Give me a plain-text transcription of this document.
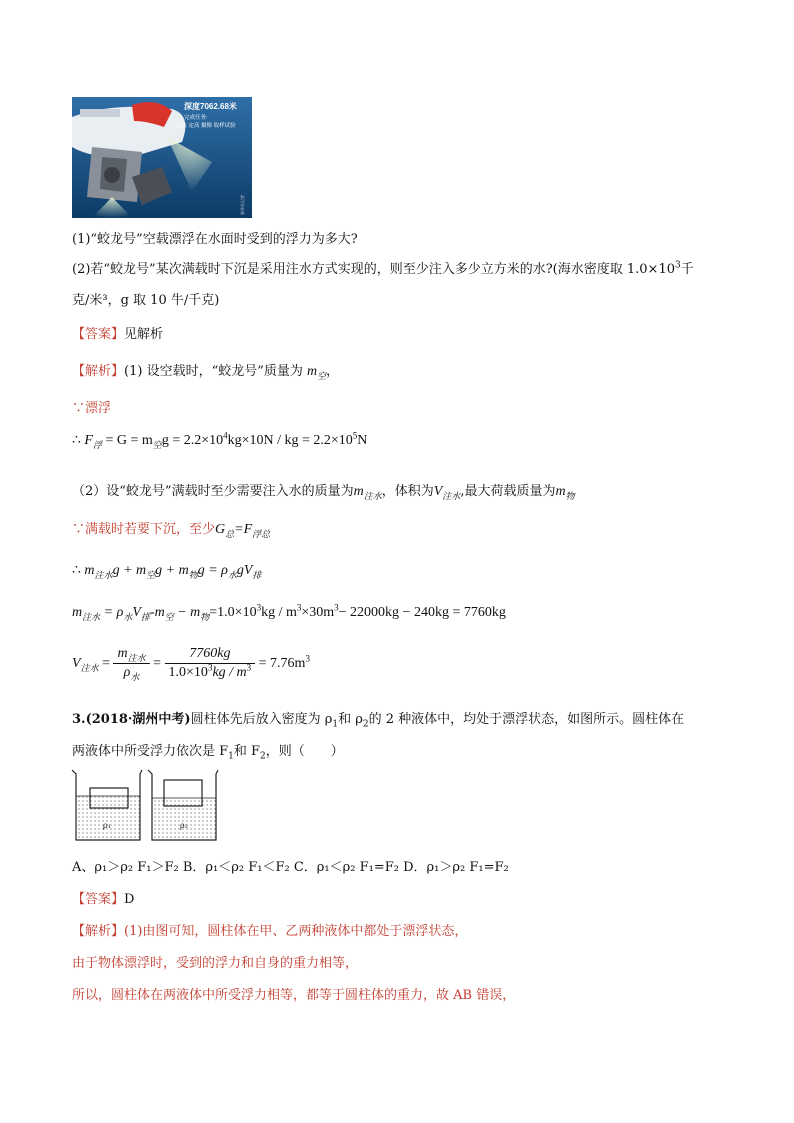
深度7062.68米
完成任务:
定点 定高 摄像 取样试验
新华社记者
(1)“蛟龙号”空载漂浮在水面时受到的浮力为多大?
(2)若“蛟龙号”某次满载时下沉是采用注水方式实现的，则至少注入多少立方米的水?(海水密度取 $1.0\times 10^3$千
克/米³，g 取 10 牛/千克)
【答案】见解析
【解析】(1) 设空载时，“蛟龙号”质量为 $m_空$，
∵漂浮
∴ $F_浮 = G = m_空g = 2.2\times 10^4kg\times 10N$ / kg = $2.2\times 10^5N$
（2）设“蛟龙号”满载时至少需要注入水的质量为$m_{注水}$，体积为$V_{注水}$,最大荷载质量为$m_物$
∵满载时若要下沉，至少$G_总=F_{浮总}$
∴ $m_{注水}g + m_空g + m_物g = \rho_水gV_排$
$m_{注水} = \rho_水V_排-m_空 - m_物=1.0\times 10^3kg / m^3\times 30m^3- 22000kg - 240kg = 7760kg$
$V_{注水} = \frac{m_{注水}}{\rho_水} = \frac{7760kg}{1.0\times 10^3kg / m^3} = 7.76m^3$
3.(2018·湖州中考)圆柱体先后放入密度为 $\rho_1$和 $\rho_2$的 2 种液体中，均处于漂浮状态，如图所示。圆柱体在
两液体中所受浮力依次是 $F_1$和 $F_2$，则（　　）
ρ₁	ρ₂
A、ρ₁＞ρ₂ F₁＞F₂ B．ρ₁＜ρ₂ F₁＜F₂ C．ρ₁＜ρ₂ F₁=F₂ D．ρ₁＞ρ₂ F₁=F₂
【答案】D
【解析】(1)由图可知，圆柱体在甲、乙两种液体中都处于漂浮状态，
由于物体漂浮时，受到的浮力和自身的重力相等，
所以，圆柱体在两液体中所受浮力相等，都等于圆柱体的重力，故 AB 错误，
